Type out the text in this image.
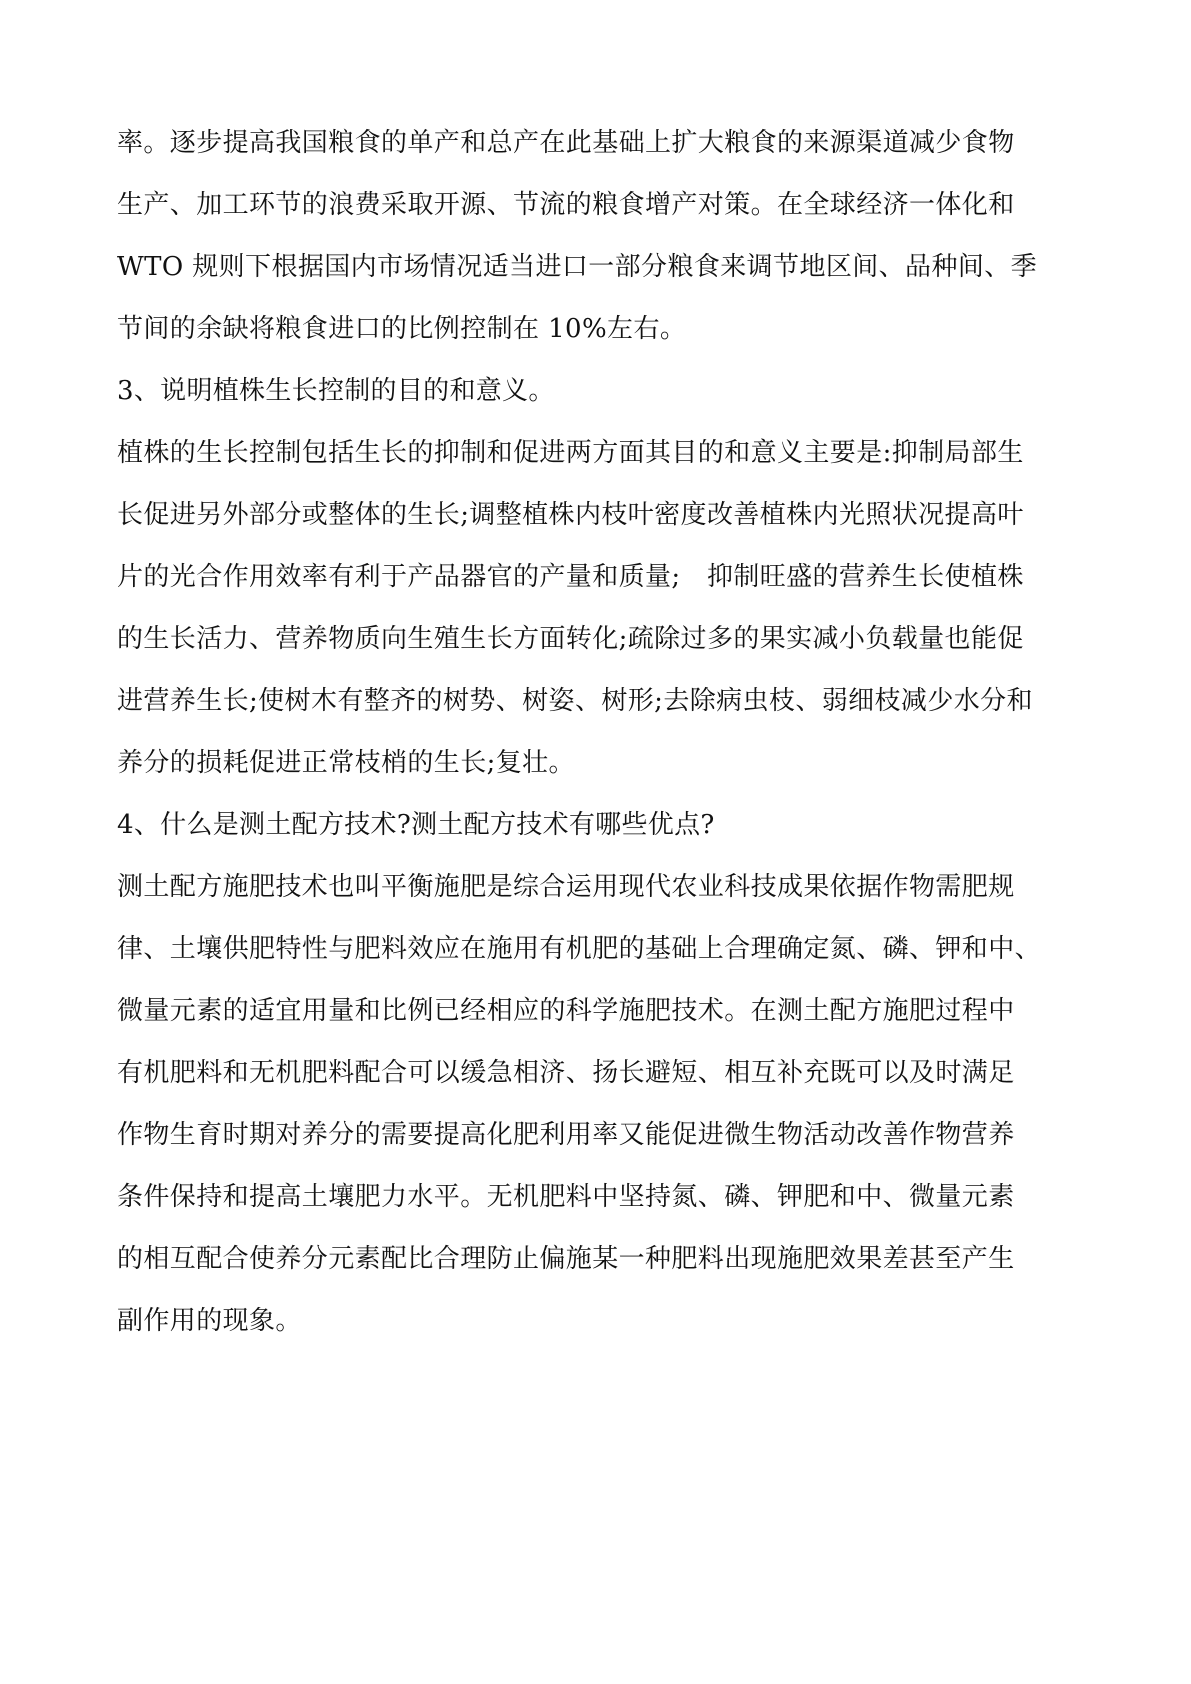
率。逐步提高我国粮食的单产和总产在此基础上扩大粮食的来源渠道减少食物
生产、加工环节的浪费采取开源、节流的粮食增产对策。在全球经济一体化和
WTO 规则下根据国内市场情况适当进口一部分粮食来调节地区间、品种间、季
节间的余缺将粮食进口的比例控制在 10%左右。
3、说明植株生长控制的目的和意义。
植株的生长控制包括生长的抑制和促进两方面其目的和意义主要是:抑制局部生
长促进另外部分或整体的生长;调整植株内枝叶密度改善植株内光照状况提高叶
片的光合作用效率有利于产品器官的产量和质量;　抑制旺盛的营养生长使植株
的生长活力、营养物质向生殖生长方面转化;疏除过多的果实减小负载量也能促
进营养生长;使树木有整齐的树势、树姿、树形;去除病虫枝、弱细枝减少水分和
养分的损耗促进正常枝梢的生长;复壮。
4、什么是测土配方技术?测土配方技术有哪些优点?
测土配方施肥技术也叫平衡施肥是综合运用现代农业科技成果依据作物需肥规
律、土壤供肥特性与肥料效应在施用有机肥的基础上合理确定氮、磷、钾和中、
微量元素的适宜用量和比例已经相应的科学施肥技术。在测土配方施肥过程中
有机肥料和无机肥料配合可以缓急相济、扬长避短、相互补充既可以及时满足
作物生育时期对养分的需要提高化肥利用率又能促进微生物活动改善作物营养
条件保持和提高土壤肥力水平。无机肥料中坚持氮、磷、钾肥和中、微量元素
的相互配合使养分元素配比合理防止偏施某一种肥料出现施肥效果差甚至产生
副作用的现象。
